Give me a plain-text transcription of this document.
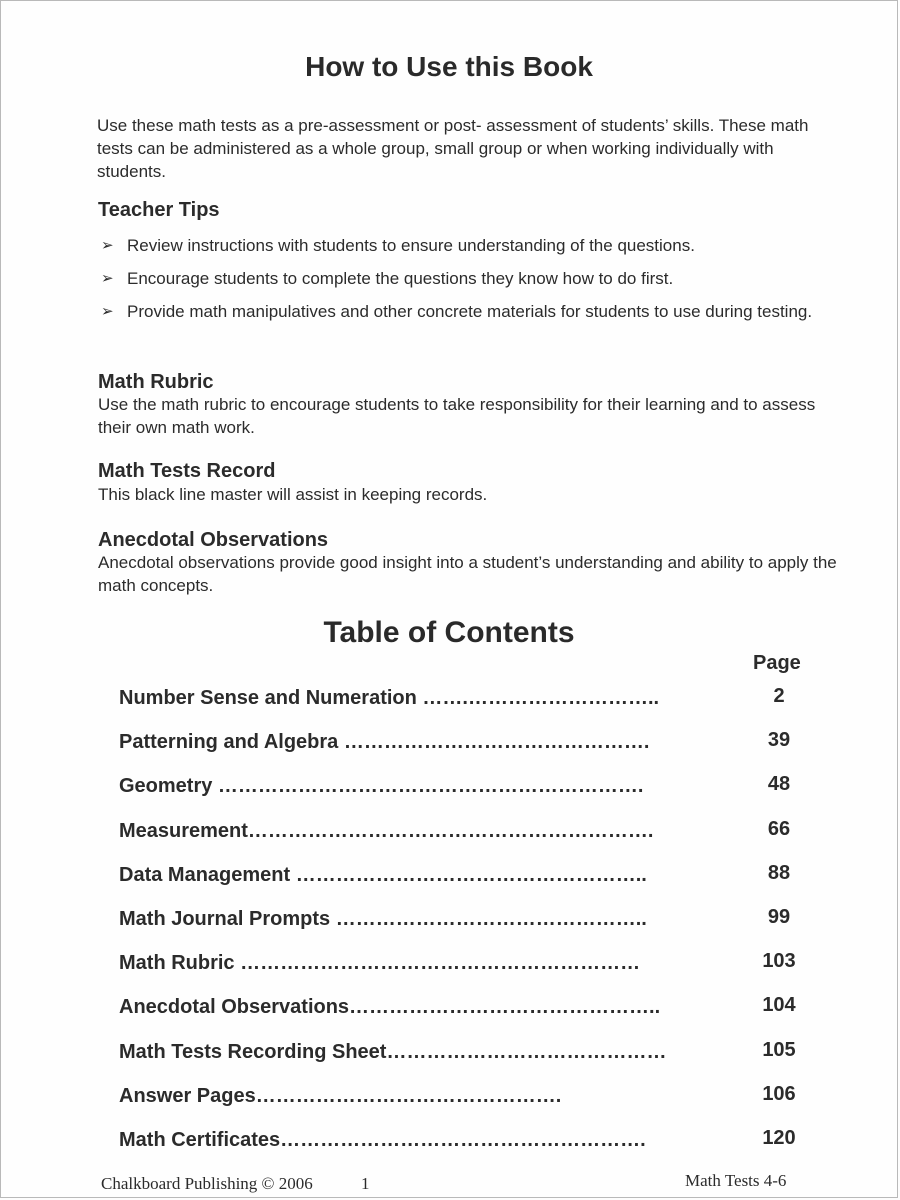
How to Use this Book

Use these math tests as a pre-assessment or post- assessment of students’ skills. These math tests can be administered as a whole group, small group or when working individually with students.

Teacher Tips
➢ Review instructions with students to ensure understanding of the questions.
➢ Encourage students to complete the questions they know how to do first.
➢ Provide math manipulatives and other concrete materials for students to use during testing.
Math Rubric

Use the math rubric to encourage students to take responsibility for their learning and to assess their own math work.

Math Tests Record

This black line master will assist in keeping records.

Anecdotal Observations

Anecdotal observations provide good insight into a student’s understanding and ability to apply the math concepts.

Table of Contents
Page
Number Sense and Numeration …….………………………..	2
Patterning and Algebra ……………………………………….	39
Geometry ……………………………………………………….	48
Measurement…………………………………………………….	66
Data Management ……………………………………………..	88
Math Journal Prompts ………………………………………..	99
Math Rubric ……………………………………………………	103
Anecdotal Observations………………………………………..	104
Math Tests Recording Sheet……………………………………	105
Answer Pages……………………………………….	106
Math Certificates……………………………………………….	120
Chalkboard Publishing © 2006	1	Math Tests 4-6
